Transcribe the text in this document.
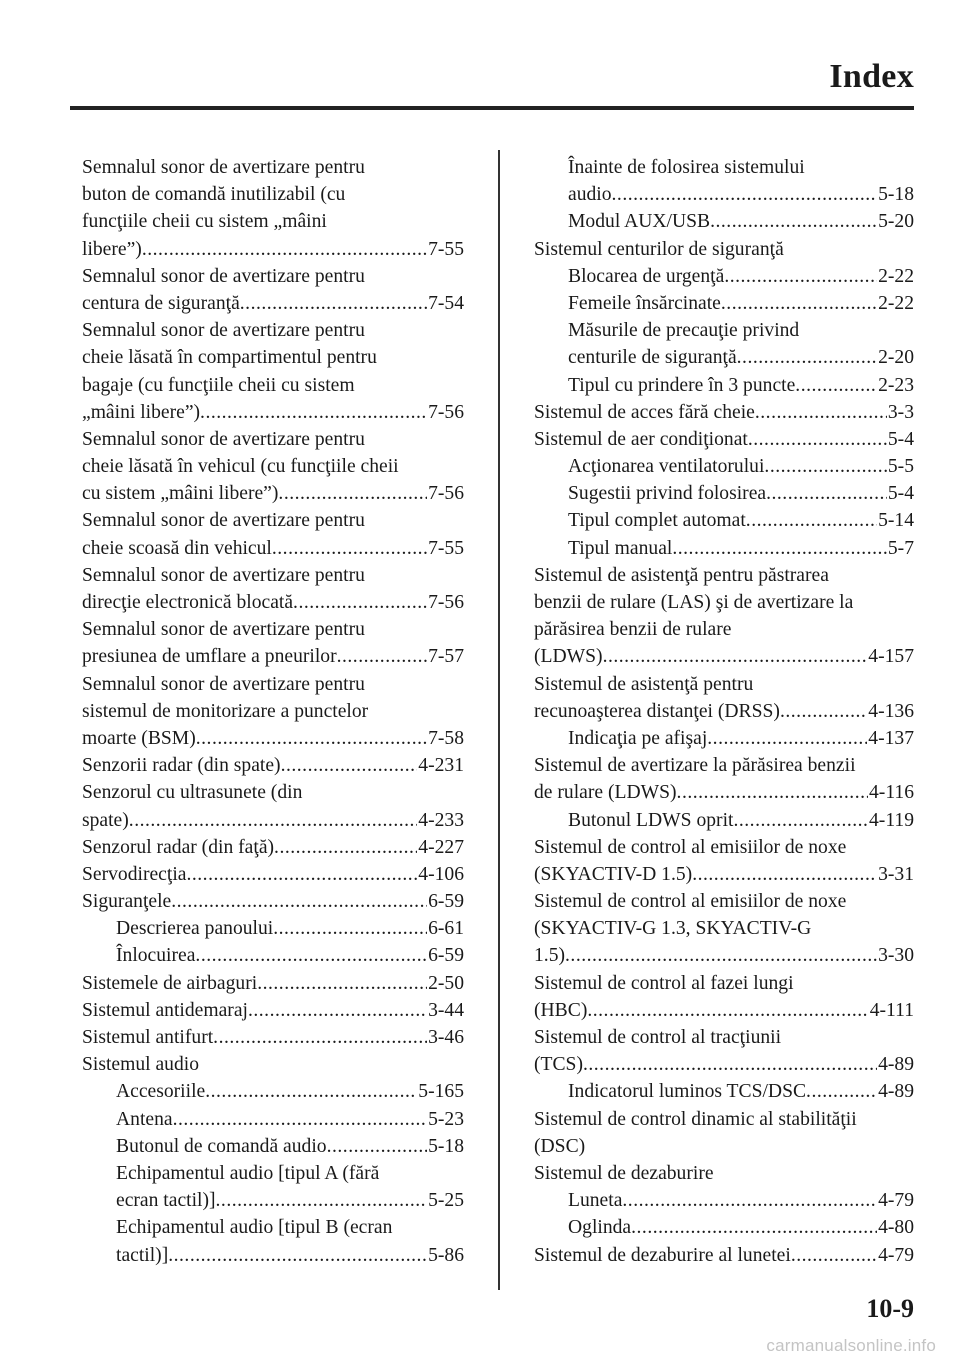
Index
Semnalul sonor de avertizare pentru
buton de comandă inutilizabil (cu
funcţiile cheii cu sistem „mâini
libere”) .....	7-55
Semnalul sonor de avertizare pentru
centura de siguranţă .....	7-54
Semnalul sonor de avertizare pentru
cheie lăsată în compartimentul pentru
bagaje (cu funcţiile cheii cu sistem
„mâini libere”) .....	7-56
Semnalul sonor de avertizare pentru
cheie lăsată în vehicul (cu funcţiile cheii
cu sistem „mâini libere”) .....	7-56
Semnalul sonor de avertizare pentru
cheie scoasă din vehicul .....	7-55
Semnalul sonor de avertizare pentru
direcţie electronică blocată .....	7-56
Semnalul sonor de avertizare pentru
presiunea de umflare a pneurilor .....	7-57
Semnalul sonor de avertizare pentru
sistemul de monitorizare a punctelor
moarte (BSM) .....	7-58
Senzorii radar (din spate) .....	4-231
Senzorul cu ultrasunete (din
spate) .....	4-233
Senzorul radar (din faţă) .....	4-227
Servodirecţia .....	4-106
Siguranţele .....	6-59
Descrierea panoului .....	6-61
Înlocuirea .....	6-59
Sistemele de airbaguri .....	2-50
Sistemul antidemaraj .....	3-44
Sistemul antifurt .....	3-46
Sistemul audio
Accesoriile .....	5-165
Antena .....	5-23
Butonul de comandă audio .....	5-18
Echipamentul audio [tipul A (fără
ecran tactil)] .....	5-25
Echipamentul audio [tipul B (ecran
tactil)] .....	5-86
Înainte de folosirea sistemului
audio .....	5-18
Modul AUX/USB .....	5-20
Sistemul centurilor de siguranţă
Blocarea de urgenţă .....	2-22
Femeile însărcinate .....	2-22
Măsurile de precauţie privind
centurile de siguranţă .....	2-20
Tipul cu prindere în 3 puncte .....	2-23
Sistemul de acces fără cheie .....	3-3
Sistemul de aer condiţionat .....	5-4
Acţionarea ventilatorului .....	5-5
Sugestii privind folosirea .....	5-4
Tipul complet automat .....	5-14
Tipul manual .....	5-7
Sistemul de asistenţă pentru păstrarea
benzii de rulare (LAS) şi de avertizare la
părăsirea benzii de rulare
(LDWS) .....	4-157
Sistemul de asistenţă pentru
recunoaşterea distanţei (DRSS) .....	4-136
Indicaţia pe afişaj .....	4-137
Sistemul de avertizare la părăsirea benzii
de rulare (LDWS) .....	4-116
Butonul LDWS oprit .....	4-119
Sistemul de control al emisiilor de noxe
(SKYACTIV-D 1.5) .....	3-31
Sistemul de control al emisiilor de noxe
(SKYACTIV-G 1.3, SKYACTIV-G
1.5) .....	3-30
Sistemul de control al fazei lungi
(HBC) .....	4-111
Sistemul de control al tracţiunii
(TCS) .....	4-89
Indicatorul luminos TCS/DSC .....	4-89
Sistemul de control dinamic al stabilităţii
(DSC)
Sistemul de dezaburire
Luneta .....	4-79
Oglinda .....	4-80
Sistemul de dezaburire al lunetei .....	4-79
10-9
carmanualsonline.info
